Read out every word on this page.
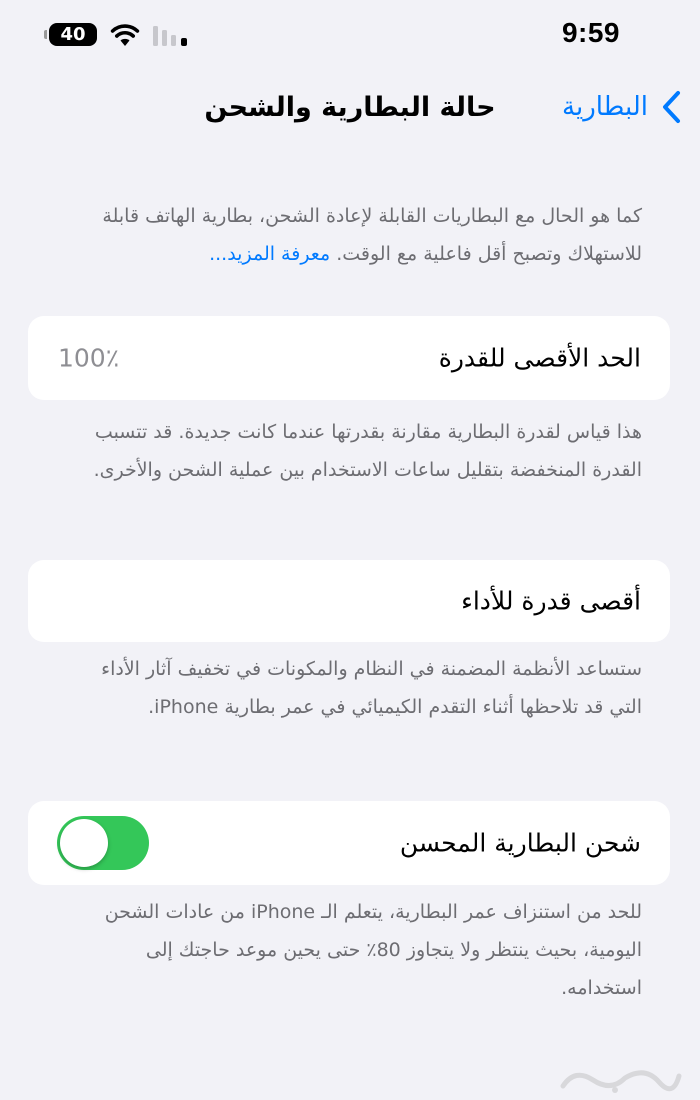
40	9:59
حالة البطارية والشحن	البطارية
كما هو الحال مع البطاريات القابلة لإعادة الشحن، بطارية الهاتف قابلة للاستهلاك وتصبح أقل فاعلية مع الوقت. معرفة المزيد...
الحد الأقصى للقدرة
100٪
هذا قياس لقدرة البطارية مقارنة بقدرتها عندما كانت جديدة. قد تتسبب القدرة المنخفضة بتقليل ساعات الاستخدام بين عملية الشحن والأخرى.
أقصى قدرة للأداء
ستساعد الأنظمة المضمنة في النظام والمكونات في تخفيف آثار الأداء التي قد تلاحظها أثناء التقدم الكيميائي في عمر بطارية iPhone.
شحن البطارية المحسن
للحد من استنزاف عمر البطارية، يتعلم الـ iPhone من عادات الشحن اليومية، بحيث ينتظر ولا يتجاوز 80٪ حتى يحين موعد حاجتك إلى استخدامه.
